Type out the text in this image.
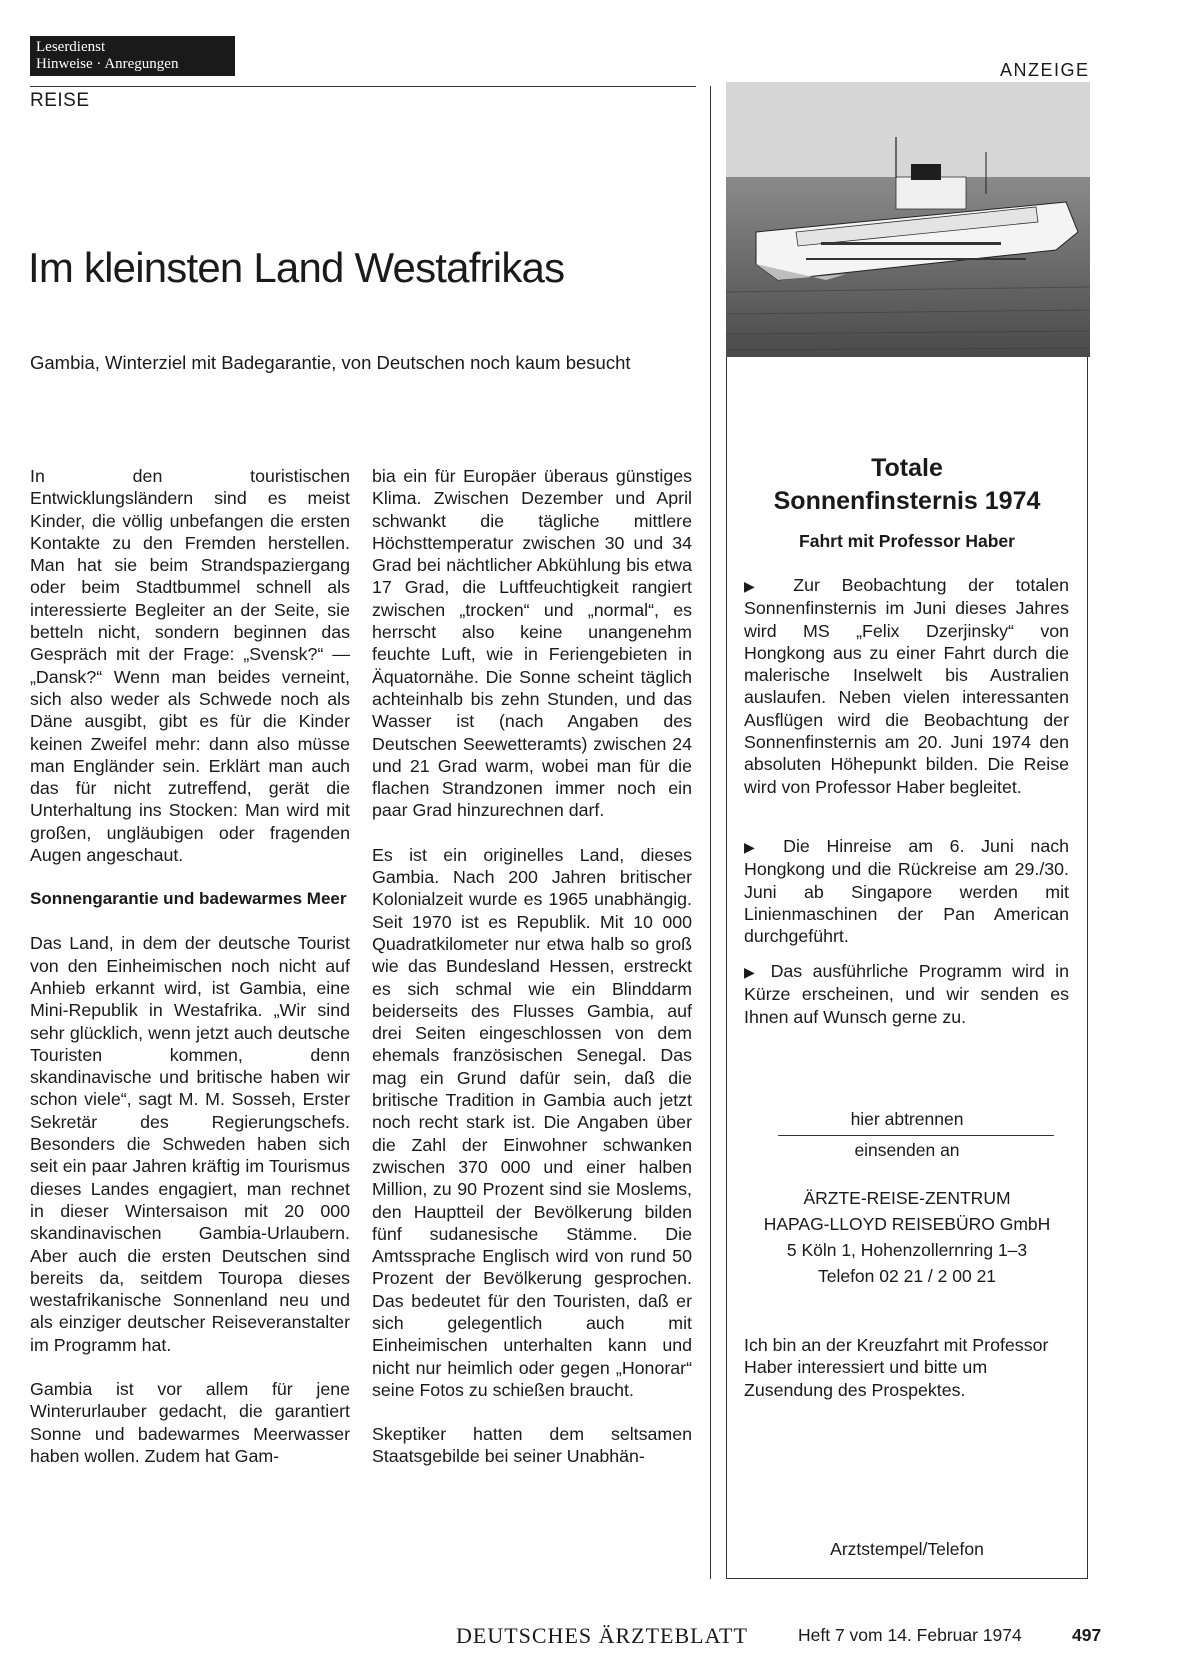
Leserdienst
Hinweise · Anregungen
REISE
ANZEIGE
Im kleinsten Land Westafrikas
Gambia, Winterziel mit Badegarantie, von Deutschen noch kaum besucht

In den touristischen Entwicklungsländern sind es meist Kinder, die völlig unbefangen die ersten Kontakte zu den Fremden herstellen. Man hat sie beim Strandspaziergang oder beim Stadtbummel schnell als interessierte Begleiter an der Seite, sie betteln nicht, sondern beginnen das Gespräch mit der Frage: „Svensk?“ — „Dansk?“ Wenn man beides verneint, sich also weder als Schwede noch als Däne ausgibt, gibt es für die Kinder keinen Zweifel mehr: dann also müsse man Engländer sein. Erklärt man auch das für nicht zutreffend, gerät die Unterhaltung ins Stocken: Man wird mit großen, ungläubigen oder fragenden Augen angeschaut.

Sonnengarantie und badewarmes Meer

Das Land, in dem der deutsche Tourist von den Einheimischen noch nicht auf Anhieb erkannt wird, ist Gambia, eine Mini-Republik in Westafrika. „Wir sind sehr glücklich, wenn jetzt auch deutsche Touristen kommen, denn skandinavische und britische haben wir schon viele“, sagt M. M. Sosseh, Erster Sekretär des Regierungschefs. Besonders die Schweden haben sich seit ein paar Jahren kräftig im Tourismus dieses Landes engagiert, man rechnet in dieser Wintersaison mit 20 000 skandinavischen Gambia-Urlaubern. Aber auch die ersten Deutschen sind bereits da, seitdem Touropa dieses westafrikanische Sonnenland neu und als einziger deutscher Reiseveranstalter im Programm hat.

Gambia ist vor allem für jene Winterurlauber gedacht, die garantiert Sonne und badewarmes Meerwasser haben wollen. Zudem hat Gam-

bia ein für Europäer überaus günstiges Klima. Zwischen Dezember und April schwankt die tägliche mittlere Höchsttemperatur zwischen 30 und 34 Grad bei nächtlicher Abkühlung bis etwa 17 Grad, die Luftfeuchtigkeit rangiert zwischen „trocken“ und „normal“, es herrscht also keine unangenehm feuchte Luft, wie in Feriengebieten in Äquatornähe. Die Sonne scheint täglich achteinhalb bis zehn Stunden, und das Wasser ist (nach Angaben des Deutschen Seewetteramts) zwischen 24 und 21 Grad warm, wobei man für die flachen Strandzonen immer noch ein paar Grad hinzurechnen darf.

Es ist ein originelles Land, dieses Gambia. Nach 200 Jahren britischer Kolonialzeit wurde es 1965 unabhängig. Seit 1970 ist es Republik. Mit 10 000 Quadratkilometer nur etwa halb so groß wie das Bundesland Hessen, erstreckt es sich schmal wie ein Blinddarm beiderseits des Flusses Gambia, auf drei Seiten eingeschlossen von dem ehemals französischen Senegal. Das mag ein Grund dafür sein, daß die britische Tradition in Gambia auch jetzt noch recht stark ist. Die Angaben über die Zahl der Einwohner schwanken zwischen 370 000 und einer halben Million, zu 90 Prozent sind sie Moslems, den Hauptteil der Bevölkerung bilden fünf sudanesische Stämme. Die Amtssprache Englisch wird von rund 50 Prozent der Bevölkerung gesprochen. Das bedeutet für den Touristen, daß er sich gelegentlich auch mit Einheimischen unterhalten kann und nicht nur heimlich oder gegen „Honorar“ seine Fotos zu schießen braucht.

Skeptiker hatten dem seltsamen Staatsgebilde bei seiner Unabhän-

Totale
Sonnenfinsternis 1974
Fahrt mit Professor Haber
▶ Zur Beobachtung der totalen Sonnenfinsternis im Juni dieses Jahres wird MS „Felix Dzerjinsky“ von Hongkong aus zu einer Fahrt durch die malerische Inselwelt bis Australien auslaufen. Neben vielen interessanten Ausflügen wird die Beobachtung der Sonnenfinsternis am 20. Juni 1974 den absoluten Höhepunkt bilden. Die Reise wird von Professor Haber begleitet.
▶ Die Hinreise am 6. Juni nach Hongkong und die Rückreise am 29./30. Juni ab Singapore werden mit Linienmaschinen der Pan American durchgeführt.
▶ Das ausführliche Programm wird in Kürze erscheinen, und wir senden es Ihnen auf Wunsch gerne zu.
hier abtrennen
einsenden an
ÄRZTE-REISE-ZENTRUM
HAPAG-LLOYD REISEBÜRO GmbH
5 Köln 1, Hohenzollernring 1–3
Telefon 02 21 / 2 00 21
Ich bin an der Kreuzfahrt mit Professor Haber interessiert und bitte um Zusendung des Prospektes.
Arztstempel/Telefon
DEUTSCHES ÄRZTEBLATT	Heft 7 vom 14. Februar 1974	497
